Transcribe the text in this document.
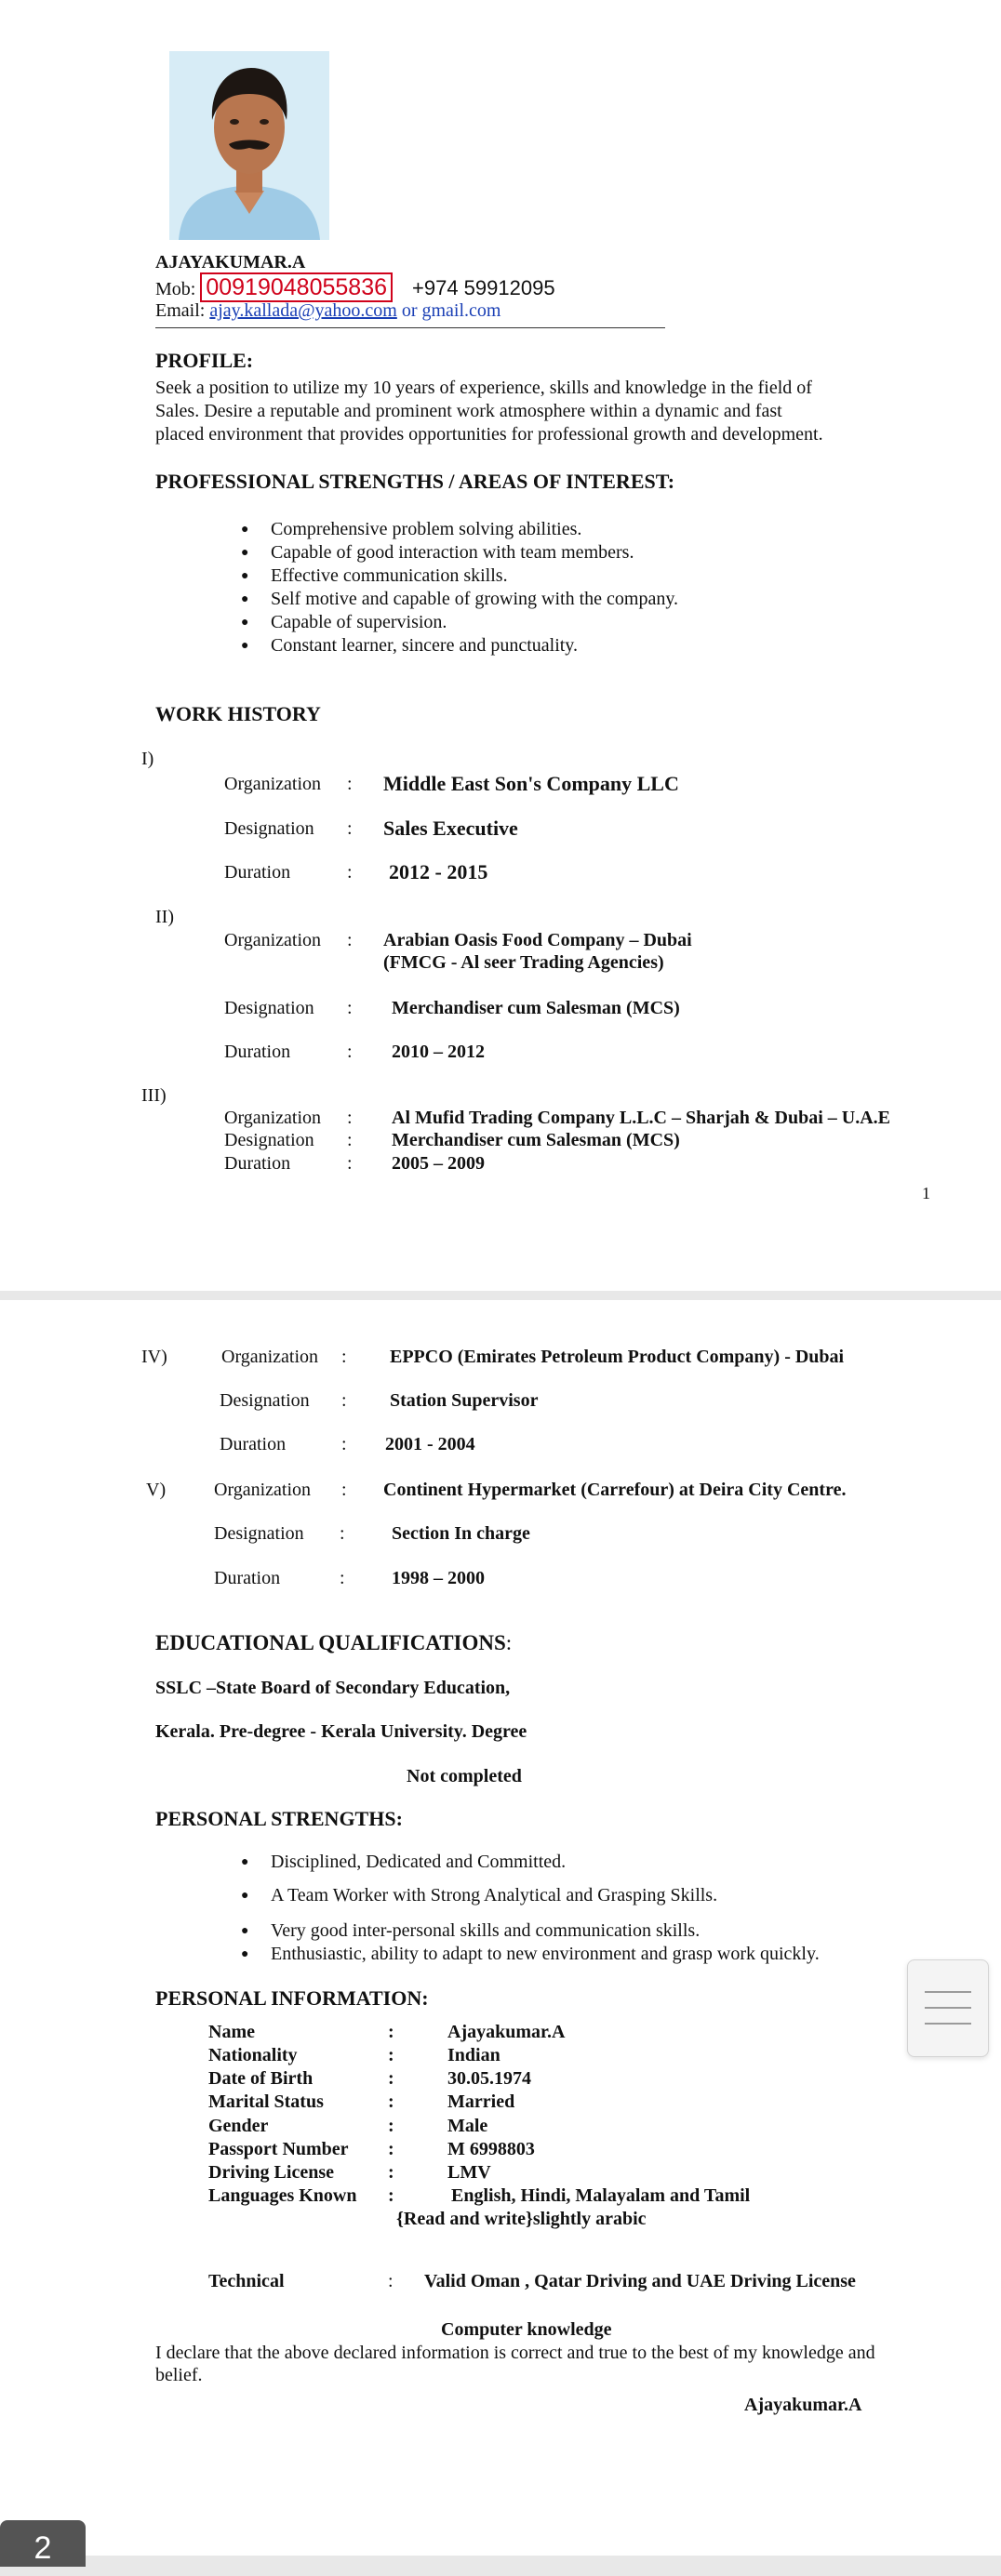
AJAYAKUMAR.A
Mob: 00919048055836 +974 59912095
Email: ajay.kallada@yahoo.com or gmail.com
PROFILE:
Seek a position to utilize my 10 years of experience, skills and knowledge in the field of
Sales. Desire a reputable and prominent work atmosphere within a dynamic and fast
placed environment that provides opportunities for professional growth and development.
PROFESSIONAL STRENGTHS / AREAS OF INTEREST:
● Comprehensive problem solving abilities.
● Capable of good interaction with team members.
● Effective communication skills.
● Self motive and capable of growing with the company.
● Capable of supervision.
● Constant learner, sincere and punctuality.
WORK HISTORY
I)
Organization : Middle East Son's Company LLC
Designation : Sales Executive
Duration	: 2012 - 2015
II)
Organization : Arabian Oasis Food Company – Dubai
(FMCG - Al seer Trading Agencies)
Designation : Merchandiser cum Salesman (MCS)
Duration	: 2010 – 2012
III)
Organization : Al Mufid Trading Company L.L.C – Sharjah & Dubai – U.A.E
Designation : Merchandiser cum Salesman (MCS)
Duration	: 2005 – 2009
1
IV)	Organization : EPPCO (Emirates Petroleum Product Company) - Dubai
Designation : Station Supervisor
Duration	: 2001 - 2004
V)	Organization : Continent Hypermarket (Carrefour) at Deira City Centre.
Designation :	Section In charge
Duration	:	1998 – 2000
EDUCATIONAL QUALIFICATIONS:
SSLC –State Board of Secondary Education,
Kerala. Pre-degree - Kerala University. Degree
Not completed
PERSONAL STRENGTHS:
● Disciplined, Dedicated and Committed.
● A Team Worker with Strong Analytical and Grasping Skills.
● Very good inter-personal skills and communication skills.
● Enthusiastic, ability to adapt to new environment and grasp work quickly.
PERSONAL INFORMATION:
Name	:	Ajayakumar.A
Nationality	:	Indian
Date of Birth	:	30.05.1974
Marital Status	:	Married
Gender	:	Male
Passport Number :	M 6998803
Driving License	:	LMV
Languages Known :	English, Hindi, Malayalam and Tamil
{Read and write}slightly arabic
Technical	: Valid Oman , Qatar Driving and UAE Driving License
Computer knowledge
I declare that the above declared information is correct and true to the best of my knowledge and
belief.
Ajayakumar.A
2
